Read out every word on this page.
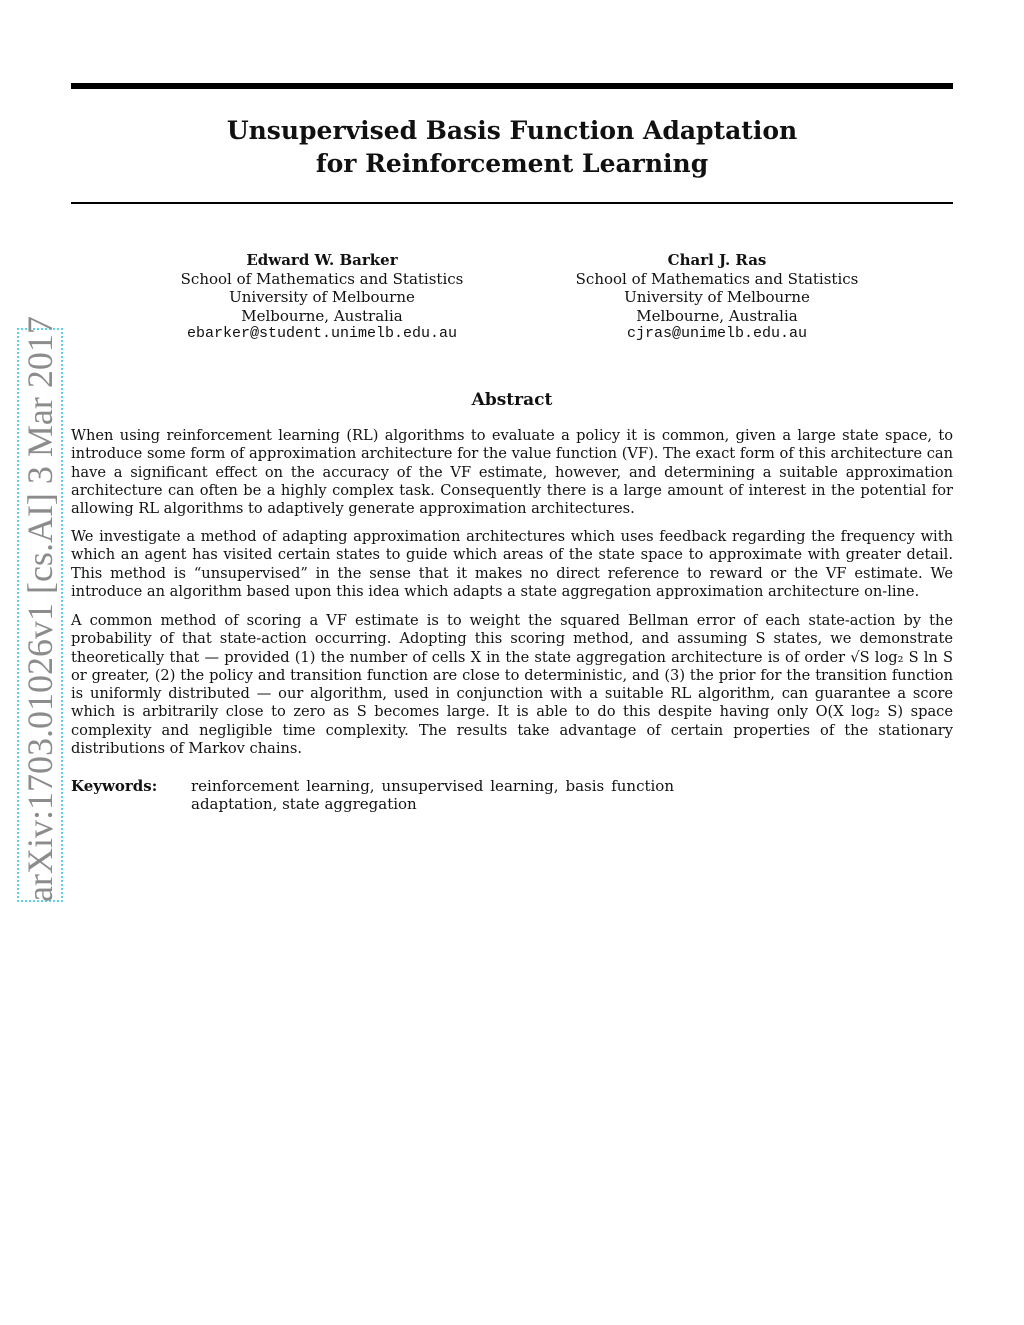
Unsupervised Basis Function Adaptation
for Reinforcement Learning
Edward W. Barker
School of Mathematics and Statistics
University of Melbourne
Melbourne, Australia
ebarker@student.unimelb.edu.au
Charl J. Ras
School of Mathematics and Statistics
University of Melbourne
Melbourne, Australia
cjras@unimelb.edu.au
arXiv:1703.01026v1 [cs.AI] 3 Mar 2017	Abstract

When using reinforcement learning (RL) algorithms to evaluate a policy it is common, given a large state space, to introduce some form of approximation architecture for the value function (VF). The exact form of this architecture can have a significant effect on the accuracy of the VF estimate, however, and determining a suitable approximation architecture can often be a highly complex task. Consequently there is a large amount of interest in the potential for allowing RL algorithms to adaptively generate approximation architectures.

We investigate a method of adapting approximation architectures which uses feedback regarding the frequency with which an agent has visited certain states to guide which areas of the state space to approximate with greater detail. This method is “unsupervised” in the sense that it makes no direct reference to reward or the VF estimate. We introduce an algorithm based upon this idea which adapts a state aggregation approximation architecture on-line.

A common method of scoring a VF estimate is to weight the squared Bellman error of each state-action by the probability of that state-action occurring. Adopting this scoring method, and assuming S states, we demonstrate theoretically that — provided (1) the number of cells X in the state aggregation architecture is of order √S log₂ S ln S or greater, (2) the policy and transition function are close to deterministic, and (3) the prior for the transition function is uniformly distributed — our algorithm, used in conjunction with a suitable RL algorithm, can guarantee a score which is arbitrarily close to zero as S becomes large. It is able to do this despite having only O(X log₂ S) space complexity and negligible time complexity. The results take advantage of certain properties of the stationary distributions of Markov chains.

Keywords: reinforcement learning, unsupervised learning, basis function adaptation, state aggregation
